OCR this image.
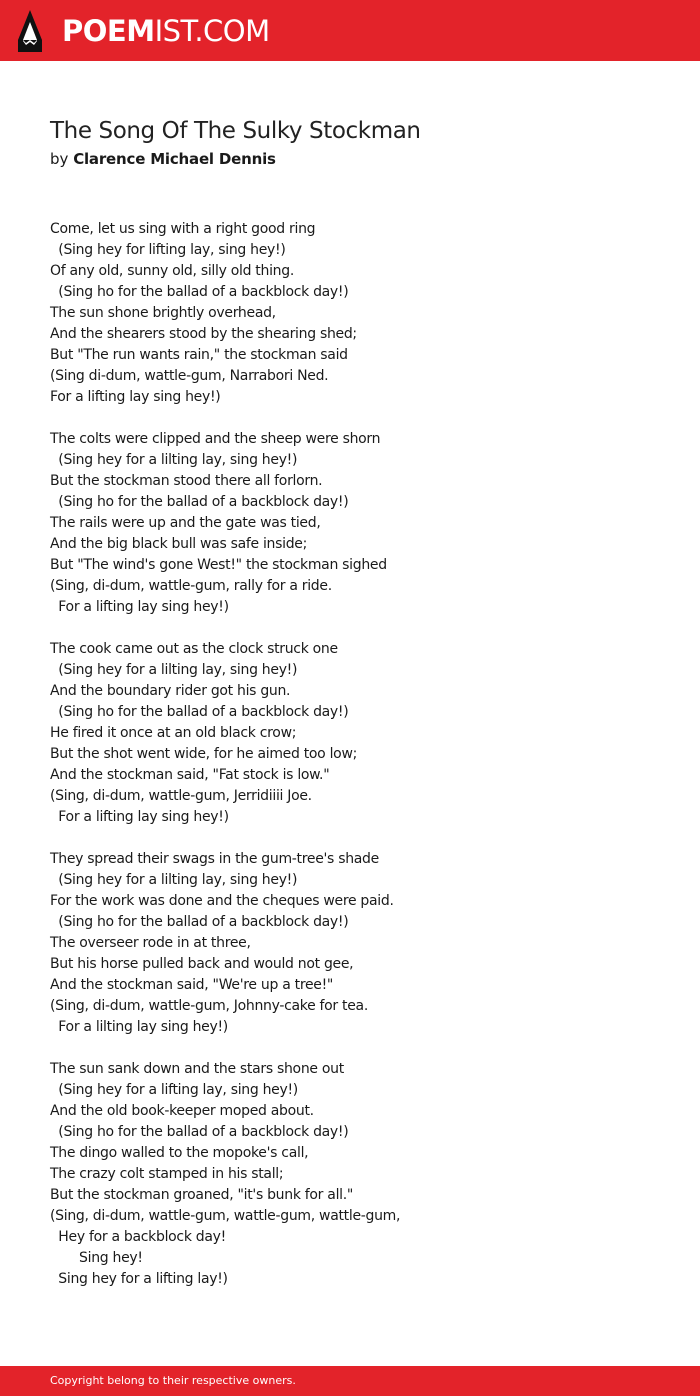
POEMIST.COM
The Song Of The Sulky Stockman
by Clarence Michael Dennis
Come, let us sing with a right good ring
(Sing hey for lifting lay, sing hey!)
Of any old, sunny old, silly old thing.
(Sing ho for the ballad of a backblock day!)
The sun shone brightly overhead,
And the shearers stood by the shearing shed;
But "The run wants rain," the stockman said
(Sing di-dum, wattle-gum, Narrabori Ned.
For a lifting lay sing hey!)
The colts were clipped and the sheep were shorn
(Sing hey for a lilting lay, sing hey!)
But the stockman stood there all forlorn.
(Sing ho for the ballad of a backblock day!)
The rails were up and the gate was tied,
And the big black bull was safe inside;
But "The wind's gone West!" the stockman sighed
(Sing, di-dum, wattle-gum, rally for a ride.
For a lifting lay sing hey!)
The cook came out as the clock struck one
(Sing hey for a lilting lay, sing hey!)
And the boundary rider got his gun.
(Sing ho for the ballad of a backblock day!)
He fired it once at an old black crow;
But the shot went wide, for he aimed too low;
And the stockman said, "Fat stock is low."
(Sing, di-dum, wattle-gum, Jerridiiii Joe.
For a lifting lay sing hey!)
They spread their swags in the gum-tree's shade
(Sing hey for a lilting lay, sing hey!)
For the work was done and the cheques were paid.
(Sing ho for the ballad of a backblock day!)
The overseer rode in at three,
But his horse pulled back and would not gee,
And the stockman said, "We're up a tree!"
(Sing, di-dum, wattle-gum, Johnny-cake for tea.
For a lilting lay sing hey!)
The sun sank down and the stars shone out
(Sing hey for a lifting lay, sing hey!)
And the old book-keeper moped about.
(Sing ho for the ballad of a backblock day!)
The dingo walled to the mopoke's call,
The crazy colt stamped in his stall;
But the stockman groaned, "it's bunk for all."
(Sing, di-dum, wattle-gum, wattle-gum, wattle-gum,
Hey for a backblock day!
Sing hey!
Sing hey for a lifting lay!)
Copyright belong to their respective owners.
